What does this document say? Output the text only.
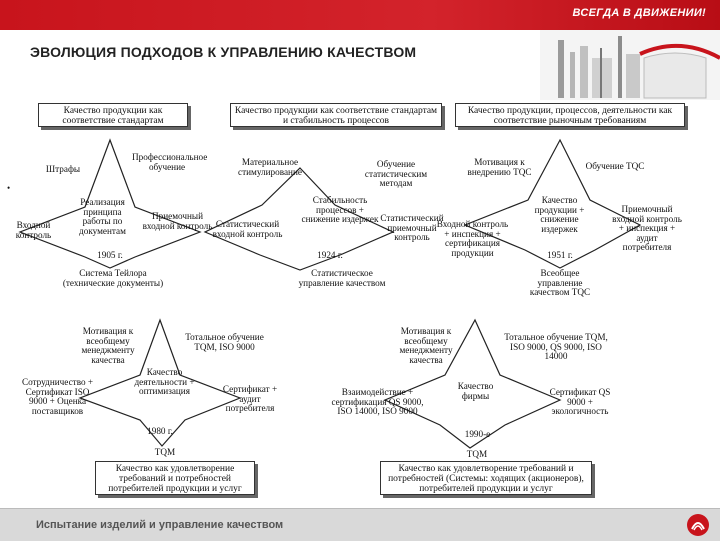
ВСЕГДА В ДВИЖЕНИИ!
ЭВОЛЮЦИЯ ПОДХОДОВ К УПРАВЛЕНИЮ КАЧЕСТВОМ
•
Качество продукции как соответствие стандартам
Качество продукции как соответствие стандартам и стабильность процессов
Качество продукции, процессов, деятельности как соответствие рыночным требованиям
Штрафы
Профессиональное обучение
Реализация принципа работы по документам
Приемочный входной контроль
Входной контроль
1905 г.
Система Тейлора (технические документы)
Материальное стимулирование
Обучение статистическим методам
Стабильность процессов + снижение издержек Статистический приемочный контроль
Статистический входной контроль
1924 г.
Статистическое управление качеством
Мотивация к внедрению TQC
Обучение TQC
Качество продукции + снижение издержек
Приемочный входной контроль + инспекция + аудит потребителя
Входной контроль + инспекция + сертификация продукции	1951 г.
Всеобщее управление качеством TQC
Мотивация к всеобщему менеджменту качества
Тотальное обучение TQM, ISO 9000
Сотрудничество + Сертификат ISO 9000 + Оценка поставщиков
Качество деятельности + оптимизация	Сертификат + аудит потребителя
1980 г.
TQM
Мотивация к всеобщему менеджменту качества
Тотальное обучение TQM, ISO 9000, QS 9000, ISO 14000
Взаимодействие + сертификация QS 9000, ISO 14000, ISO 9000
Качество фирмы	Сертификат QS 9000 + экологичность
1990-е
TQM
Качество как удовлетворение требований и потребностей потребителей продукции и услуг
Качество как удовлетворение требований и потребностей (Системы: ходящих (акционеров), потребителей продукции и услуг
Испытание изделий и управление качеством
